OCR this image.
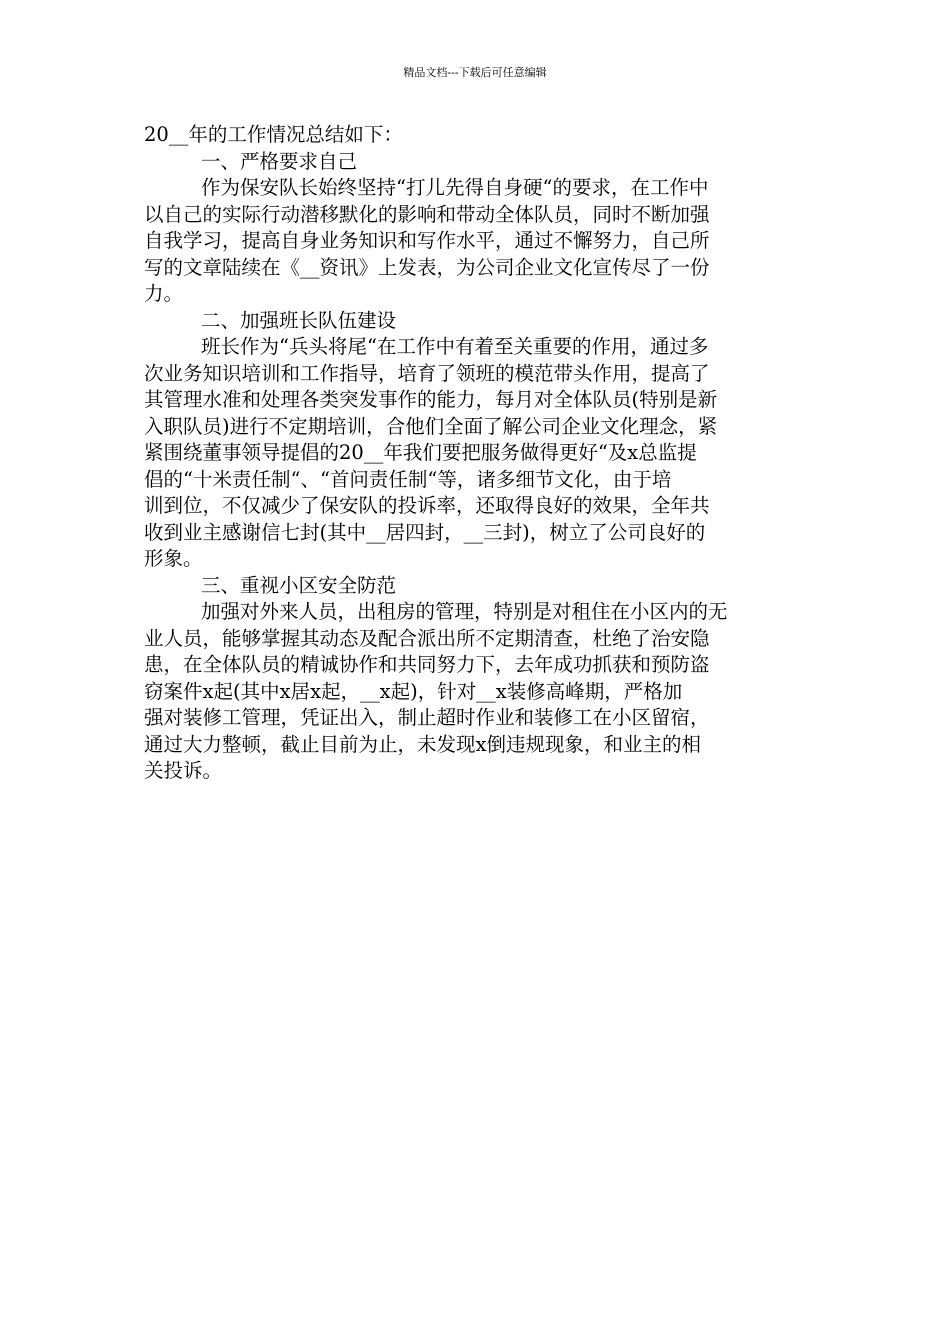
精品文档---下载后可任意编辑
20__年的工作情况总结如下：
一、严格要求自己
作为保安队长始终坚持“打儿先得自身硬“的要求，在工作中
以自己的实际行动潜移默化的影响和带动全体队员，同时不断加强
自我学习，提高自身业务知识和写作水平，通过不懈努力，自己所
写的文章陆续在《__资讯》上发表，为公司企业文化宣传尽了一份
力。
二、加强班长队伍建设
班长作为“兵头将尾“在工作中有着至关重要的作用，通过多
次业务知识培训和工作指导，培育了领班的模范带头作用，提高了
其管理水准和处理各类突发事作的能力，每月对全体队员(特别是新
入职队员)进行不定期培训，合他们全面了解公司企业文化理念，紧
紧围绕董事领导提倡的20__年我们要把服务做得更好“及x总监提
倡的“十米责任制“、“首问责任制“等，诸多细节文化，由于培
训到位，不仅减少了保安队的投诉率，还取得良好的效果，全年共
收到业主感谢信七封(其中__居四封，__三封)，树立了公司良好的
形象。
三、重视小区安全防范
加强对外来人员，出租房的管理，特别是对租住在小区内的无
业人员，能够掌握其动态及配合派出所不定期清查，杜绝了治安隐
患，在全体队员的精诚协作和共同努力下，去年成功抓获和预防盗
窃案件x起(其中x居x起，__x起)，针对__x装修高峰期，严格加
强对装修工管理，凭证出入，制止超时作业和装修工在小区留宿，
通过大力整顿，截止目前为止，未发现x倒违规现象，和业主的相
关投诉。
